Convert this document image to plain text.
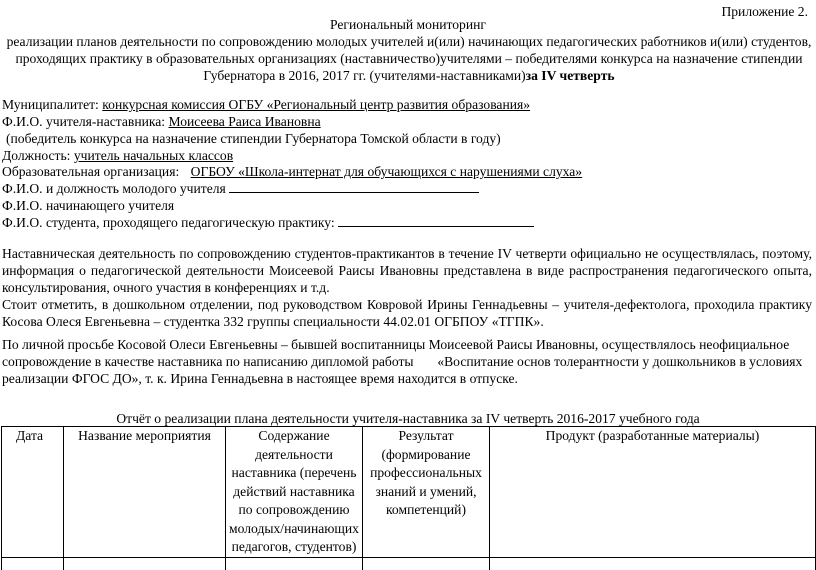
Приложение 2.
Региональный мониторинг
реализации планов деятельности по сопровождению молодых учителей и(или) начинающих педагогических работников и(или) студентов, проходящих практику в образовательных организациях (наставничество)учителями – победителями конкурса на назначение стипендии Губернатора в 2016, 2017 гг. (учителями-наставниками)за IV четверть
Муниципалитет: конкурсная комиссия ОГБУ «Региональный центр развития образования»
Ф.И.О. учителя-наставника: Моисеева Раиса Ивановна
(победитель конкурса на назначение стипендии Губернатора Томской области в году)
Должность: учитель начальных классов
Образовательная организация: ОГБОУ «Школа-интернат для обучающихся с нарушениями слуха»
Ф.И.О. и должность молодого учителя
Ф.И.О. начинающего учителя
Ф.И.О. студента, проходящего педагогическую практику:
Наставническая деятельность по сопровождению студентов-практикантов в течение IV четверти официально не осуществлялась, поэтому, информация о педагогической деятельности Моисеевой Раисы Ивановны представлена в виде распространения педагогического опыта, консультирования, очного участия в конференциях и т.д.
Стоит отметить, в дошкольном отделении, под руководством Ковровой Ирины Геннадьевны – учителя-дефектолога, проходила практику Косова Олеся Евгеньевна – студентка 332 группы специальности 44.02.01 ОГБПОУ «ТГПК».
По личной просьбе Косовой Олеси Евгеньевны – бывшей воспитанницы Моисеевой Раисы Ивановны, осуществлялось неофициальное
сопровождение в качестве наставника по написанию дипломой работы       «Воспитание основ толерантности у дошкольников в условиях
реализации ФГОС ДО», т. к. Ирина Геннадьевна в настоящее время находится в отпуске.
Отчёт о реализации плана деятельности учителя-наставника за IV четверть 2016-2017 учебного года
Дата	Название мероприятия	Содержание деятельности наставника (перечень действий наставника по сопровождению молодых/начинающих педагогов, студентов)	Результат (формирование профессиональных знаний и умений, компетенций)	Продукт (разработанные материалы)
